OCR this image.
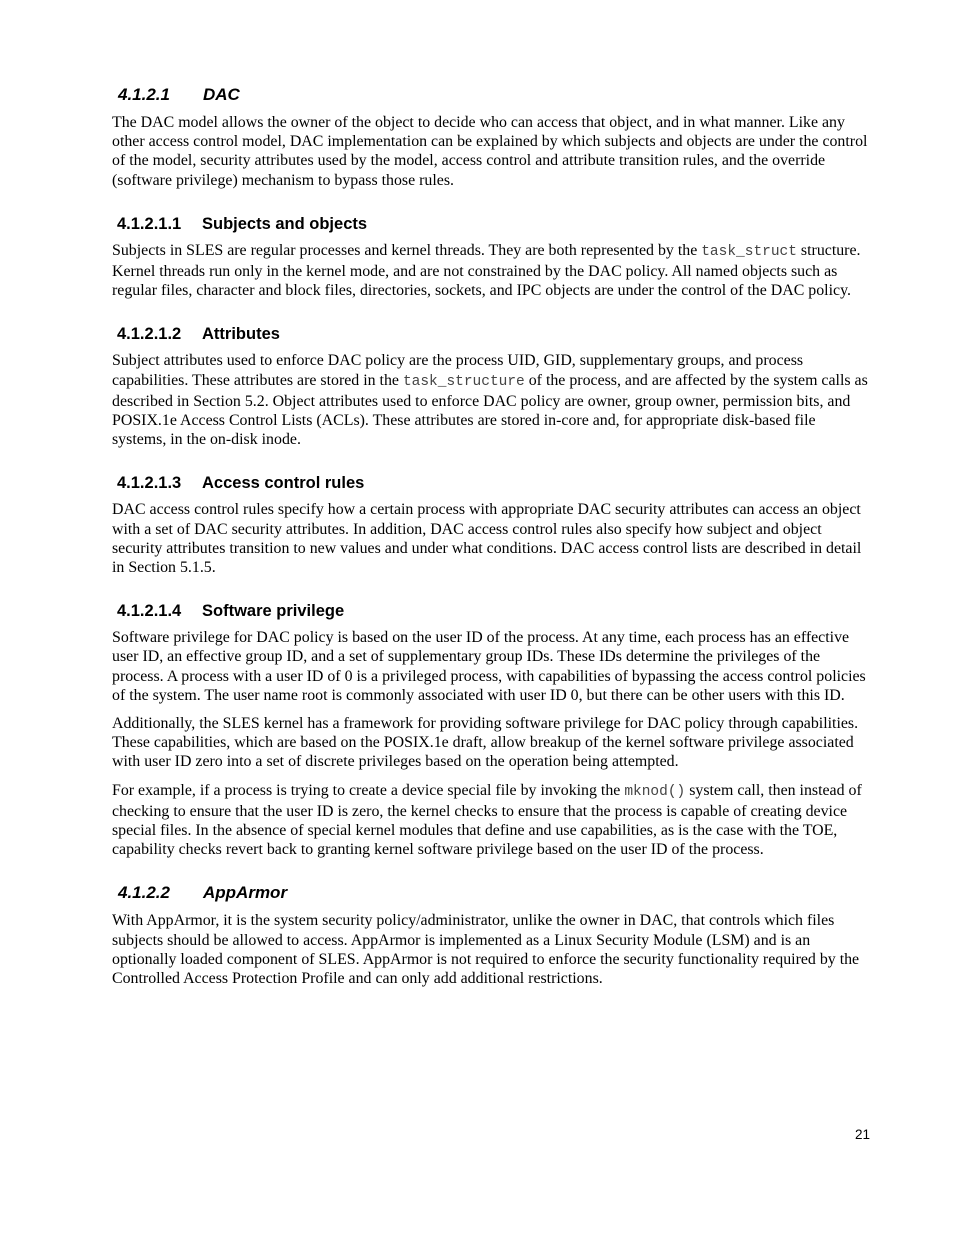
4.1.2.1 DAC

The DAC model allows the owner of the object to decide who can access that object, and in what manner. Like any other access control model, DAC implementation can be explained by which subjects and objects are under the control of the model, security attributes used by the model, access control and attribute transition rules, and the override (software privilege) mechanism to bypass those rules.

4.1.2.1.1 Subjects and objects

Subjects in SLES are regular processes and kernel threads. They are both represented by the task_struct structure. Kernel threads run only in the kernel mode, and are not constrained by the DAC policy. All named objects such as regular files, character and block files, directories, sockets, and IPC objects are under the control of the DAC policy.

4.1.2.1.2 Attributes

Subject attributes used to enforce DAC policy are the process UID, GID, supplementary groups, and process capabilities. These attributes are stored in the task_structure of the process, and are affected by the system calls as described in Section 5.2. Object attributes used to enforce DAC policy are owner, group owner, permission bits, and POSIX.1e Access Control Lists (ACLs). These attributes are stored in-core and, for appropriate disk-based file systems, in the on-disk inode.

4.1.2.1.3 Access control rules

DAC access control rules specify how a certain process with appropriate DAC security attributes can access an object with a set of DAC security attributes. In addition, DAC access control rules also specify how subject and object security attributes transition to new values and under what conditions. DAC access control lists are described in detail in Section 5.1.5.

4.1.2.1.4 Software privilege

Software privilege for DAC policy is based on the user ID of the process. At any time, each process has an effective user ID, an effective group ID, and a set of supplementary group IDs. These IDs determine the privileges of the process. A process with a user ID of 0 is a privileged process, with capabilities of bypassing the access control policies of the system. The user name root is commonly associated with user ID 0, but there can be other users with this ID.

Additionally, the SLES kernel has a framework for providing software privilege for DAC policy through capabilities. These capabilities, which are based on the POSIX.1e draft, allow breakup of the kernel software privilege associated with user ID zero into a set of discrete privileges based on the operation being attempted.

For example, if a process is trying to create a device special file by invoking the mknod() system call, then instead of checking to ensure that the user ID is zero, the kernel checks to ensure that the process is capable of creating device special files. In the absence of special kernel modules that define and use capabilities, as is the case with the TOE, capability checks revert back to granting kernel software privilege based on the user ID of the process.

4.1.2.2 AppArmor

With AppArmor, it is the system security policy/administrator, unlike the owner in DAC, that controls which files subjects should be allowed to access. AppArmor is implemented as a Linux Security Module (LSM) and is an optionally loaded component of SLES. AppArmor is not required to enforce the security functionality required by the Controlled Access Protection Profile and can only add additional restrictions.

21
